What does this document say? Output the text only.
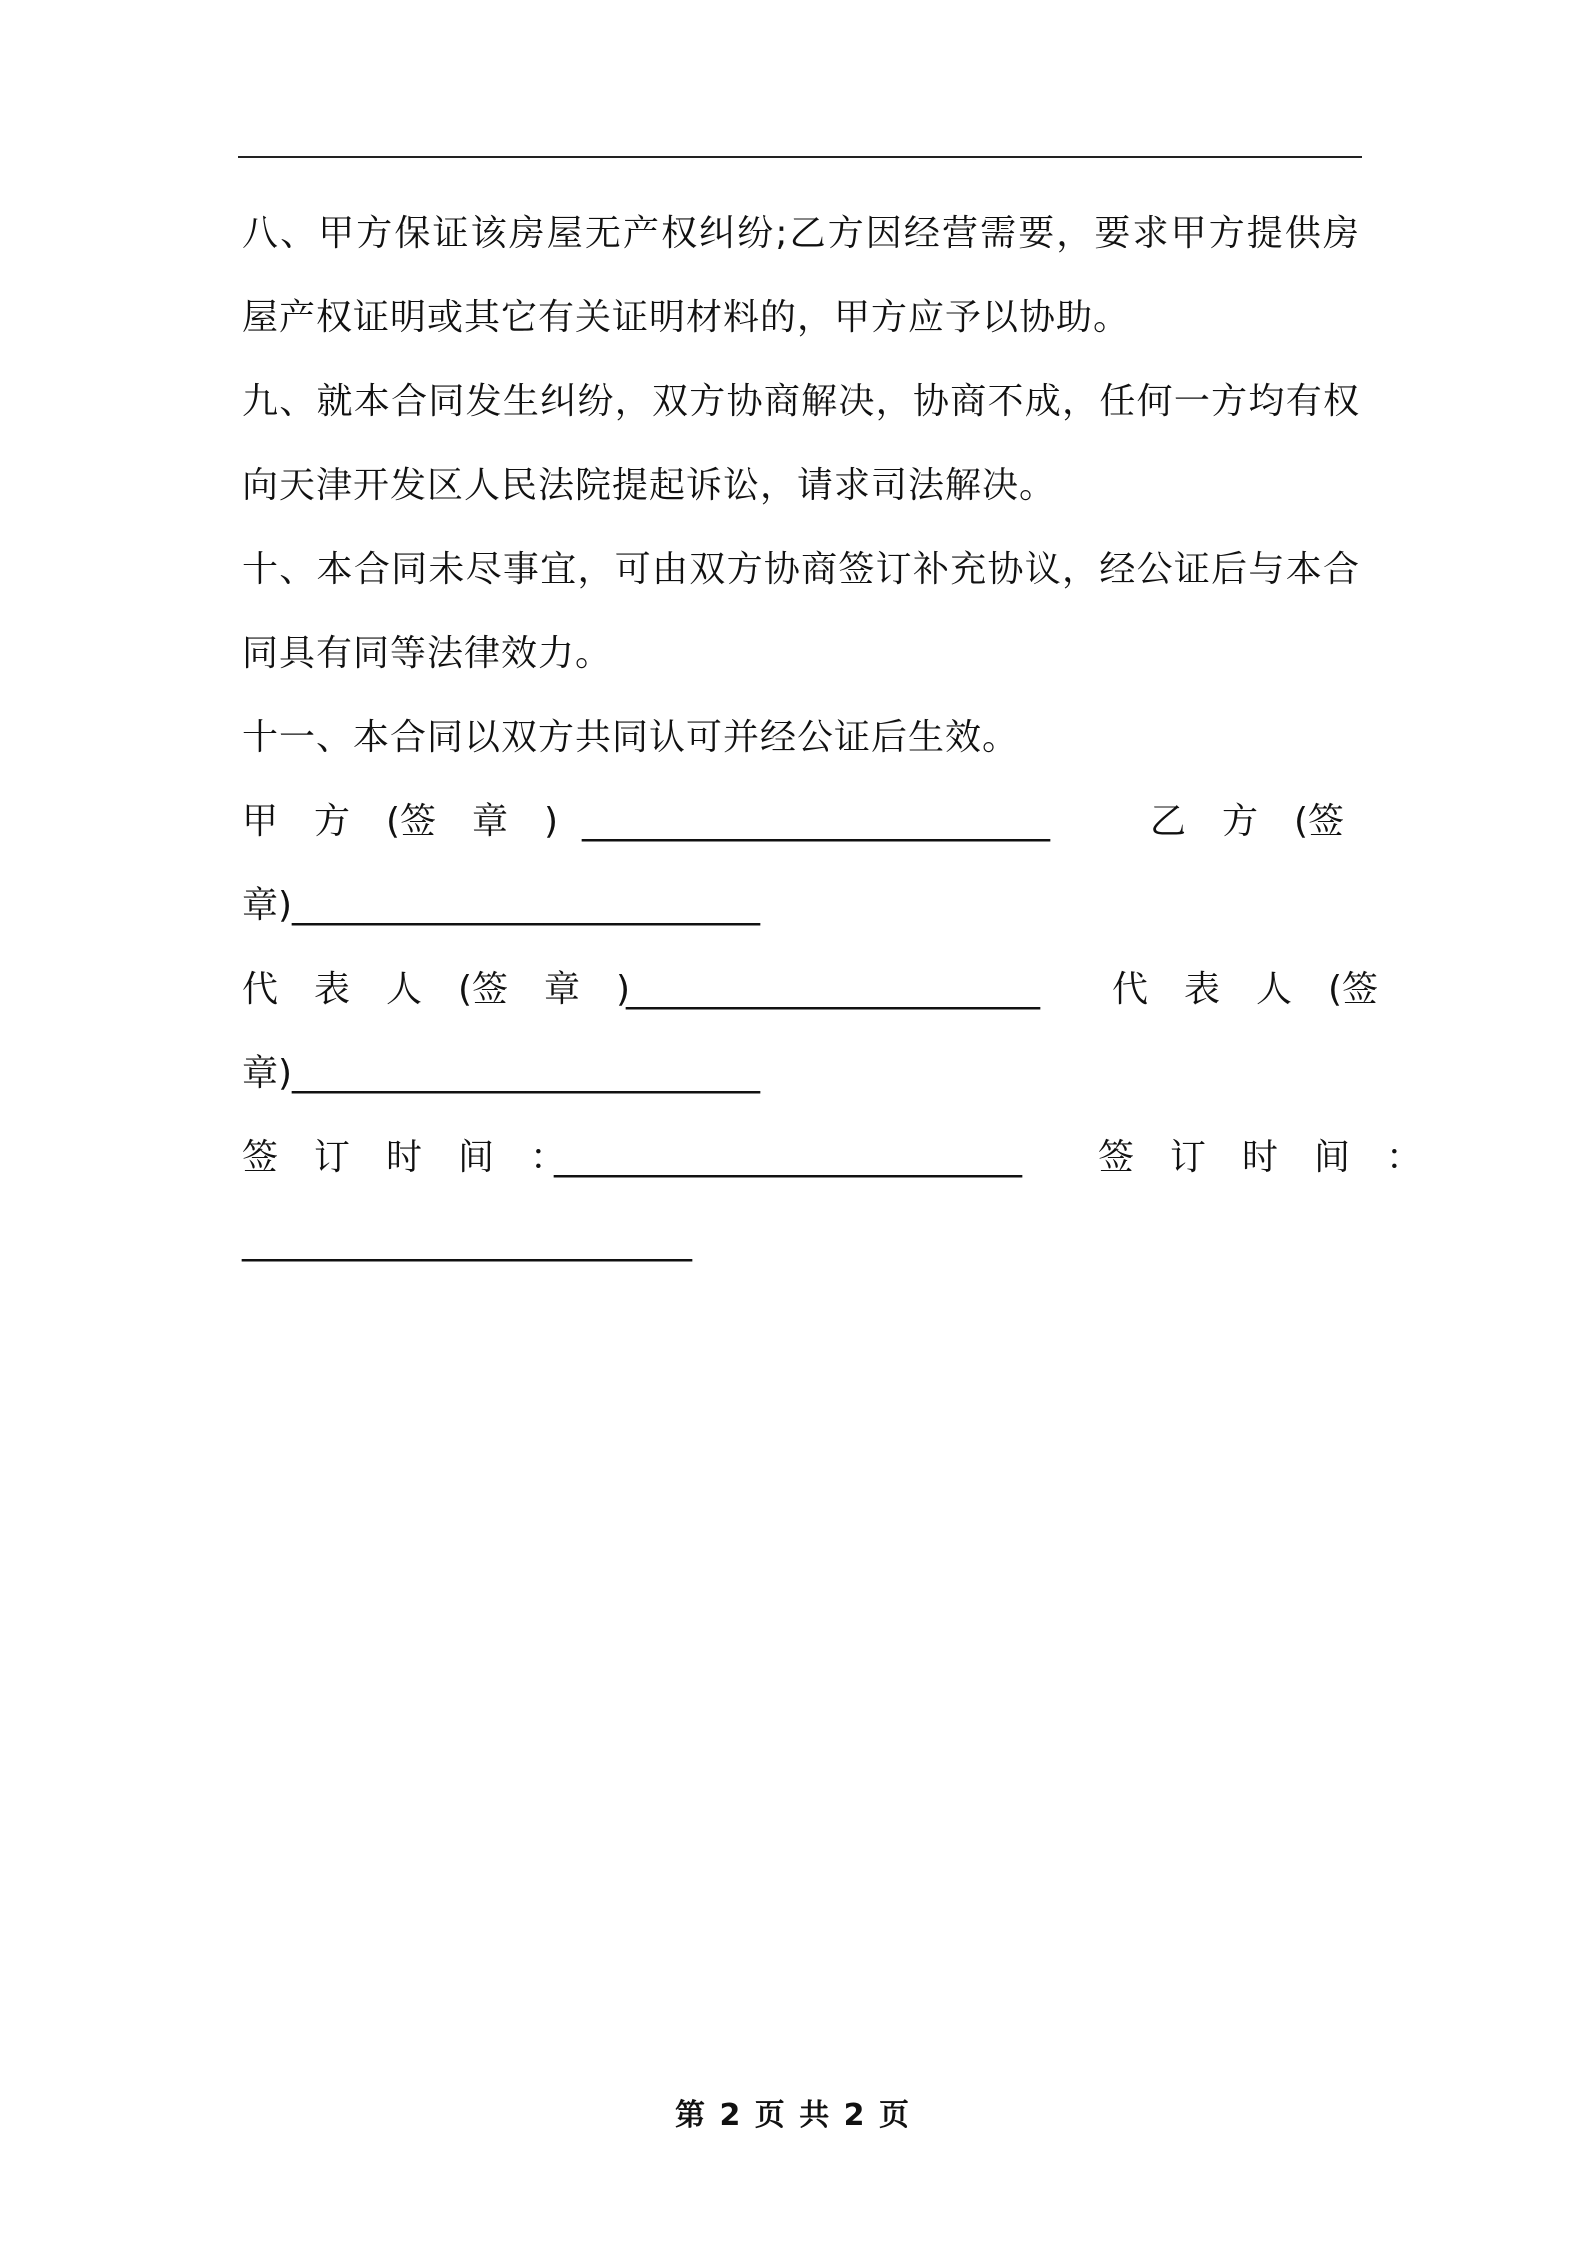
八、甲方保证该房屋无产权纠纷;乙方因经营需要，要求甲方提供房屋产权证明或其它有关证明材料的，甲方应予以协助。

九、就本合同发生纠纷，双方协商解决，协商不成，任何一方均有权向天津开发区人民法院提起诉讼，请求司法解决。

十、本合同未尽事宜，可由双方协商签订补充协议，经公证后与本合同具有同等法律效力。

十一、本合同以双方共同认可并经公证后生效。

甲　方　(签　章　) __________________________	乙　方　(签
章) __________________________
代　表　人　(签　章　)
_______________________ 代　表　人　(签
章) __________________________
签　订　时　间　：
__________________________ 签　订　时　间　：
_________________________
第 2 页 共 2 页
